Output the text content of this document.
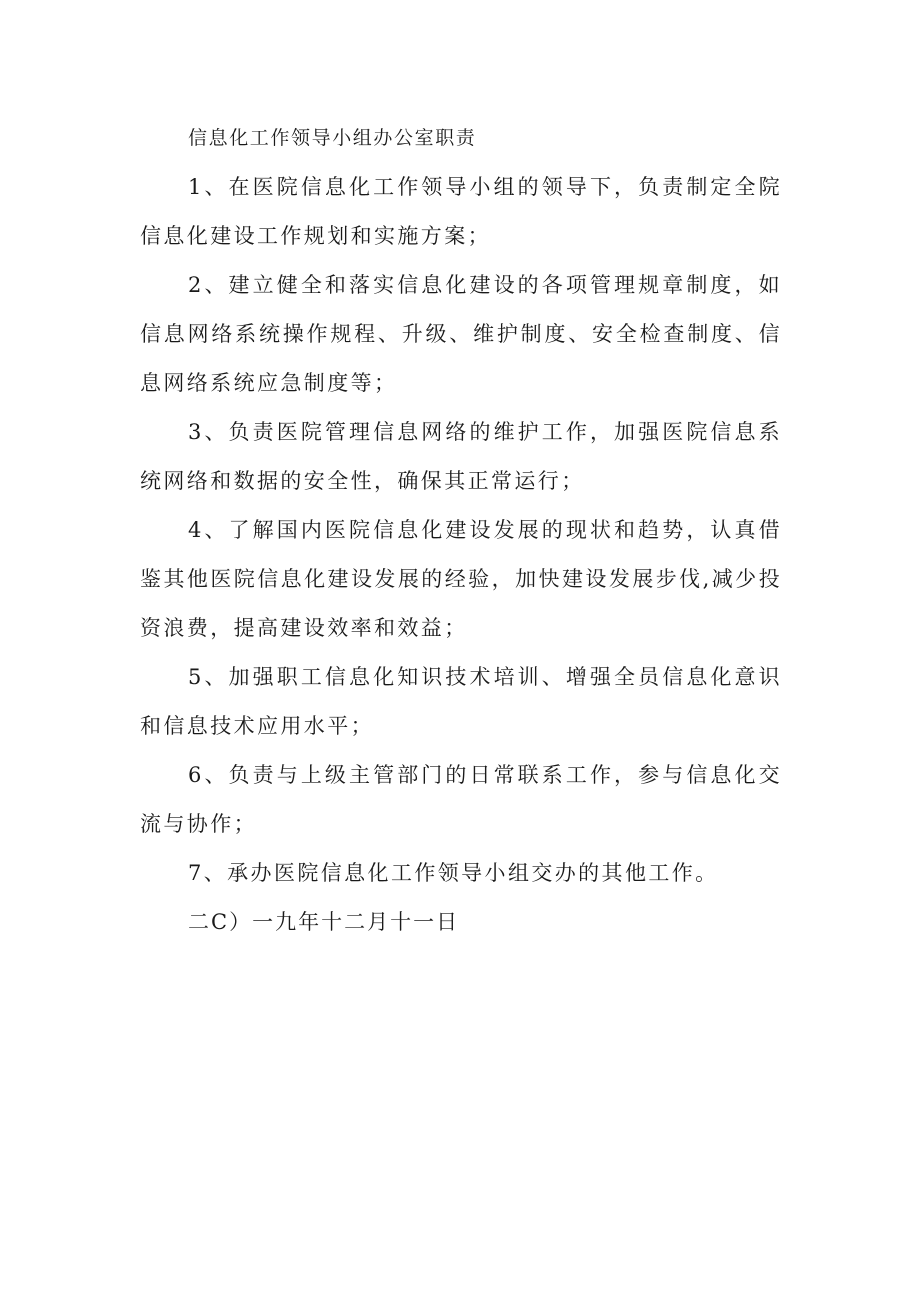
信息化工作领导小组办公室职责

1、在医院信息化工作领导小组的领导下，负责制定全院信息化建设工作规划和实施方案；

2、建立健全和落实信息化建设的各项管理规章制度，如信息网络系统操作规程、升级、维护制度、安全检查制度、信息网络系统应急制度等；

3、负责医院管理信息网络的维护工作，加强医院信息系统网络和数据的安全性，确保其正常运行；

4、了解国内医院信息化建设发展的现状和趋势，认真借鉴其他医院信息化建设发展的经验，加快建设发展步伐,减少投资浪费，提高建设效率和效益；

5、加强职工信息化知识技术培训、增强全员信息化意识和信息技术应用水平；

6、负责与上级主管部门的日常联系工作，参与信息化交流与协作；

7、承办医院信息化工作领导小组交办的其他工作。

二C）一九年十二月十一日
